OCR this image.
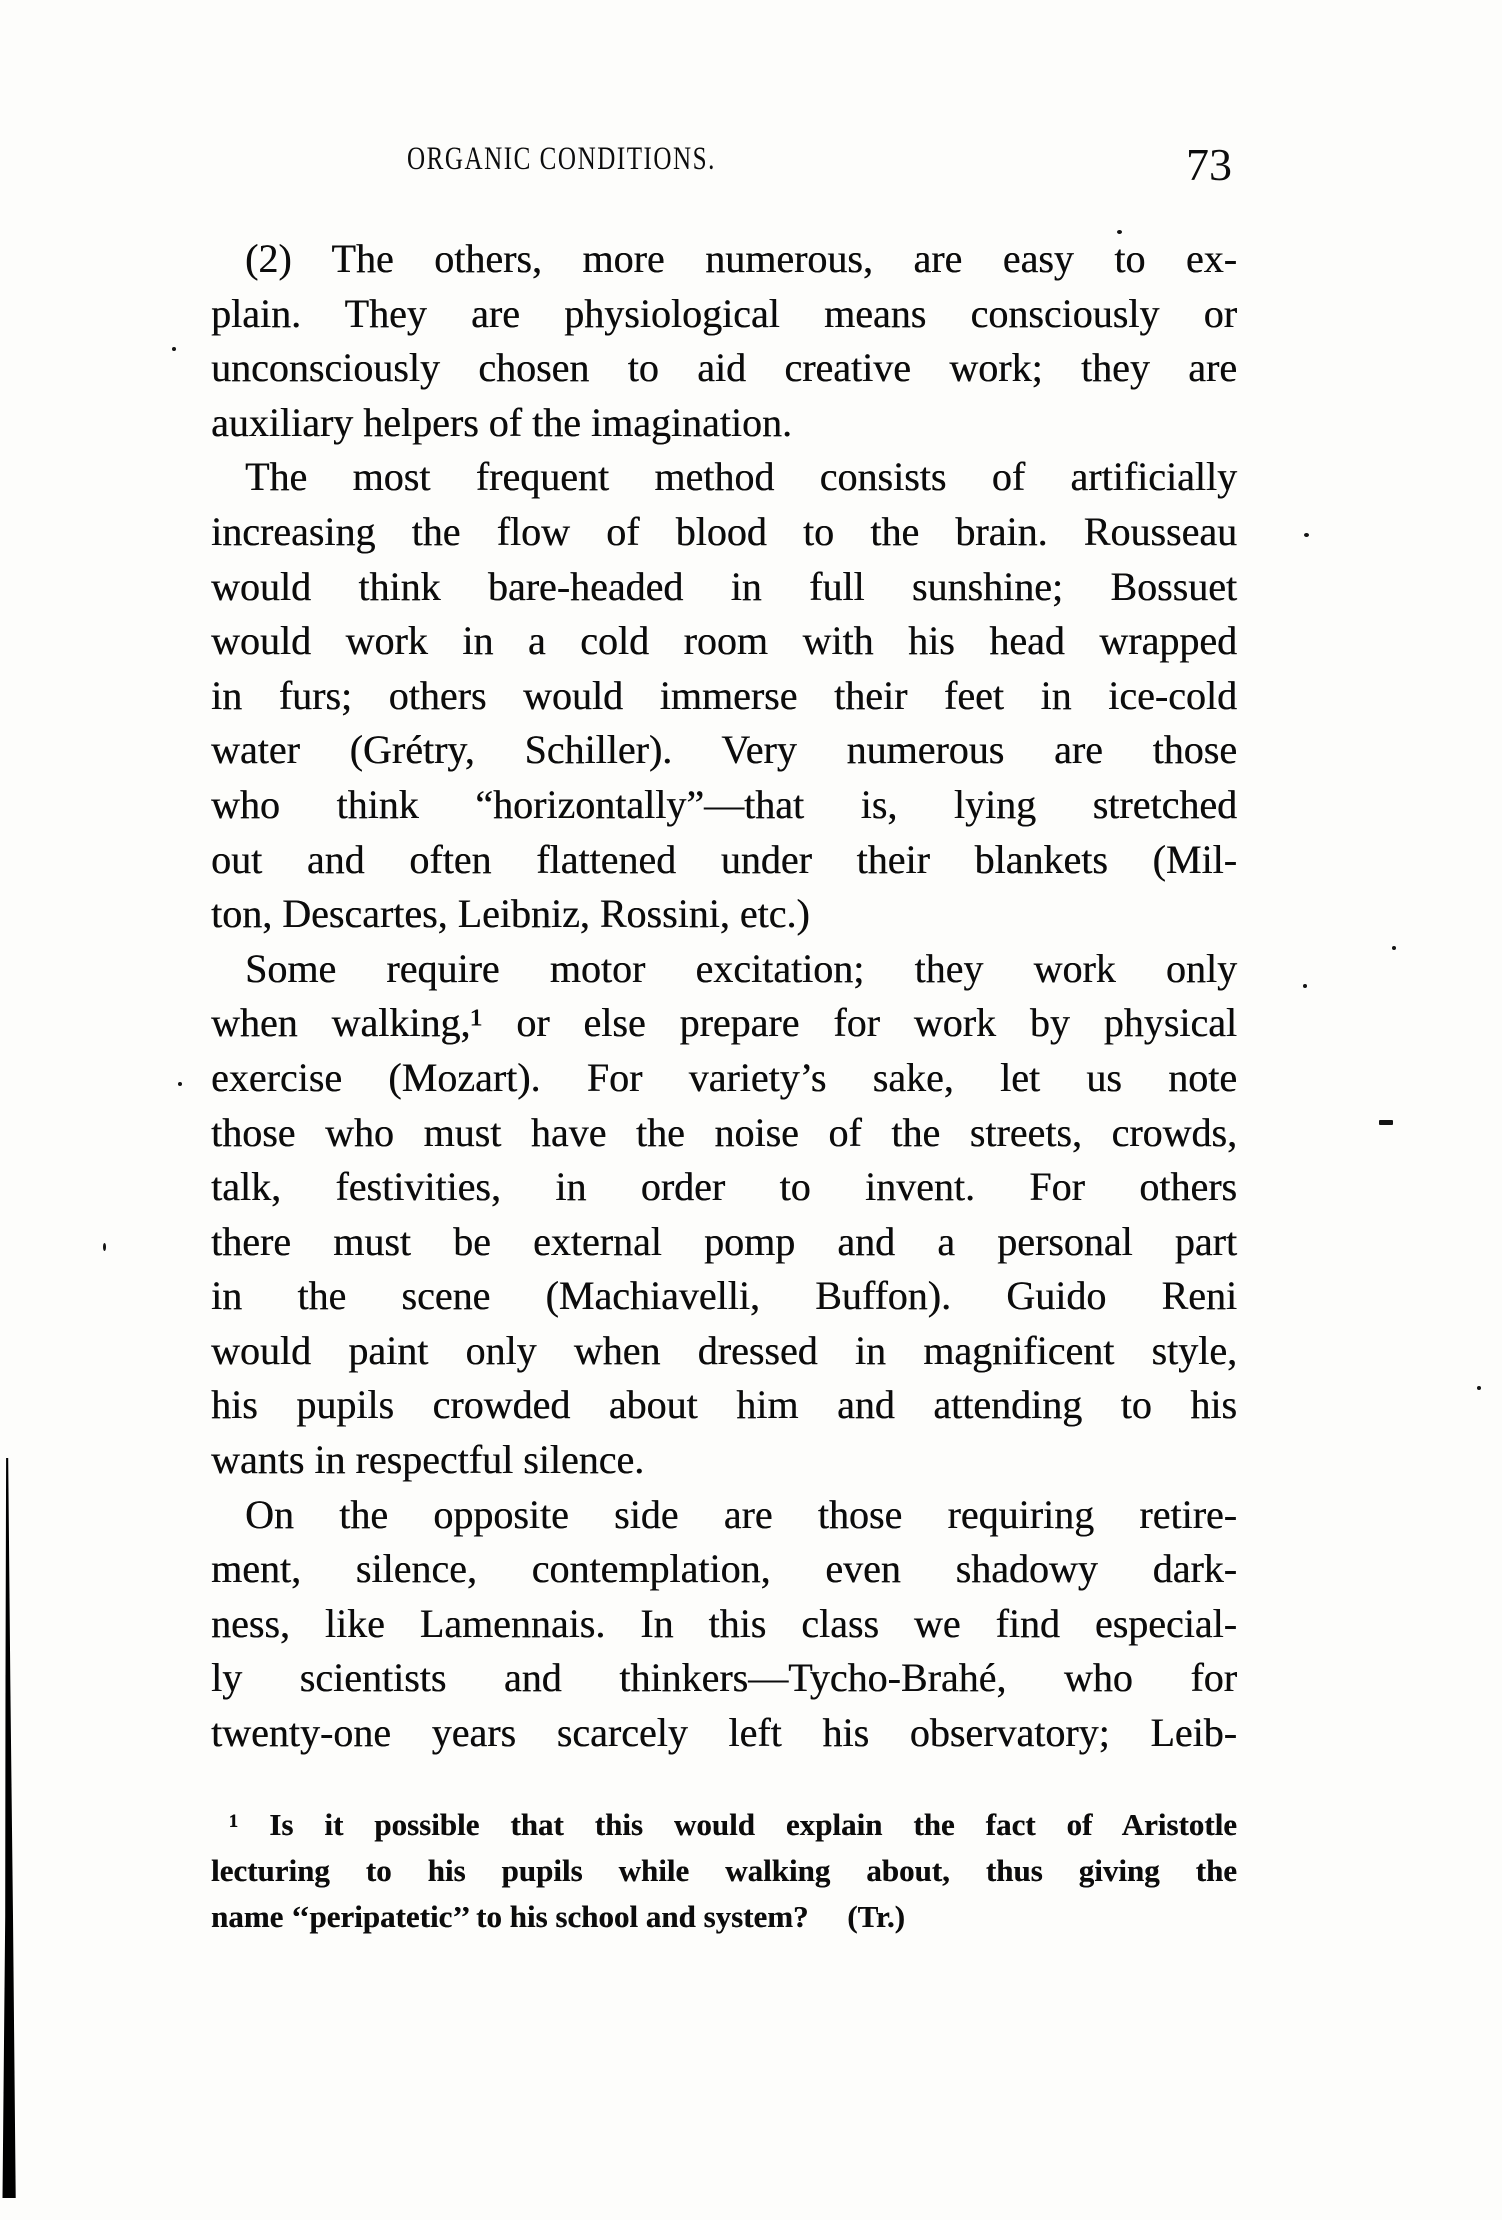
ORGANIC CONDITIONS.	73
(2) The others, more numerous, are easy to ex-
plain. They are physiological means consciously or
unconsciously chosen to aid creative work; they are
auxiliary helpers of the imagination.
The most frequent method consists of artificially
increasing the flow of blood to the brain. Rousseau
would think bare-headed in full sunshine; Bossuet
would work in a cold room with his head wrapped
in furs; others would immerse their feet in ice-cold
water (Grétry, Schiller). Very numerous are those
who think “horizontally”—that is, lying stretched
out and often flattened under their blankets (Mil-
ton, Descartes, Leibniz, Rossini, etc.)
Some require motor excitation; they work only
when walking,¹ or else prepare for work by physical
exercise (Mozart). For variety’s sake, let us note
those who must have the noise of the streets, crowds,
talk, festivities, in order to invent. For others
there must be external pomp and a personal part
in the scene (Machiavelli, Buffon). Guido Reni
would paint only when dressed in magnificent style,
his pupils crowded about him and attending to his
wants in respectful silence.
On the opposite side are those requiring retire-
ment, silence, contemplation, even shadowy dark-
ness, like Lamennais. In this class we find especial-
ly scientists and thinkers—Tycho-Brahé, who for
twenty-one years scarcely left his observatory; Leib-
¹ Is it possible that this would explain the fact of Aristotle
lecturing to his pupils while walking about, thus giving the
name ‘‘peripatetic’’ to his school and system?  (Tr.)
